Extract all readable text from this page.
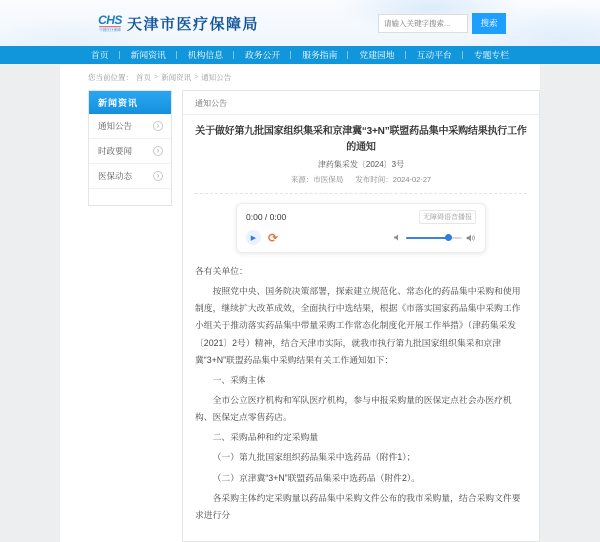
CHS
中国医疗保障 天津市医疗保障局
请输入关键字搜索...	搜索
首页	新闻资讯	机构信息	政务公开	服务指南	党建园地	互动平台	专题专栏
您当前位置： 首页 > 新闻资讯 > 通知公告
新闻资讯
通知公告	›
时政要闻	›
医保动态	›
通知公告
关于做好第九批国家组织集采和京津冀“3+N”联盟药品集中采购结果执行工作的通知
津药集采发〔2024〕3号
来源：市医保局 发布时间：2024-02-27
0:00 / 0:00	无障碍语音播报
▶ ⟳

各有关单位：

按照党中央、国务院决策部署，探索建立规范化、常态化的药品集中采购和使用制度，继续扩大改革成效，全面执行中选结果，根据《市落实国家药品集中采购工作小组关于推动落实药品集中带量采购工作常态化制度化开展工作举措》（津药集采发〔2021〕2号）精神，结合天津市实际，就我市执行第九批国家组织集采和京津冀“3+N”联盟药品集中采购结果有关工作通知如下：

一、采购主体

全市公立医疗机构和军队医疗机构，参与申报采购量的医保定点社会办医疗机构、医保定点零售药店。

二、采购品种和约定采购量

（一）第九批国家组织药品集采中选药品（附件1）；

（二）京津冀“3+N”联盟药品集采中选药品（附件2）。

各采购主体约定采购量以药品集中采购文件公布的我市采购量，结合采购文件要求进行分
